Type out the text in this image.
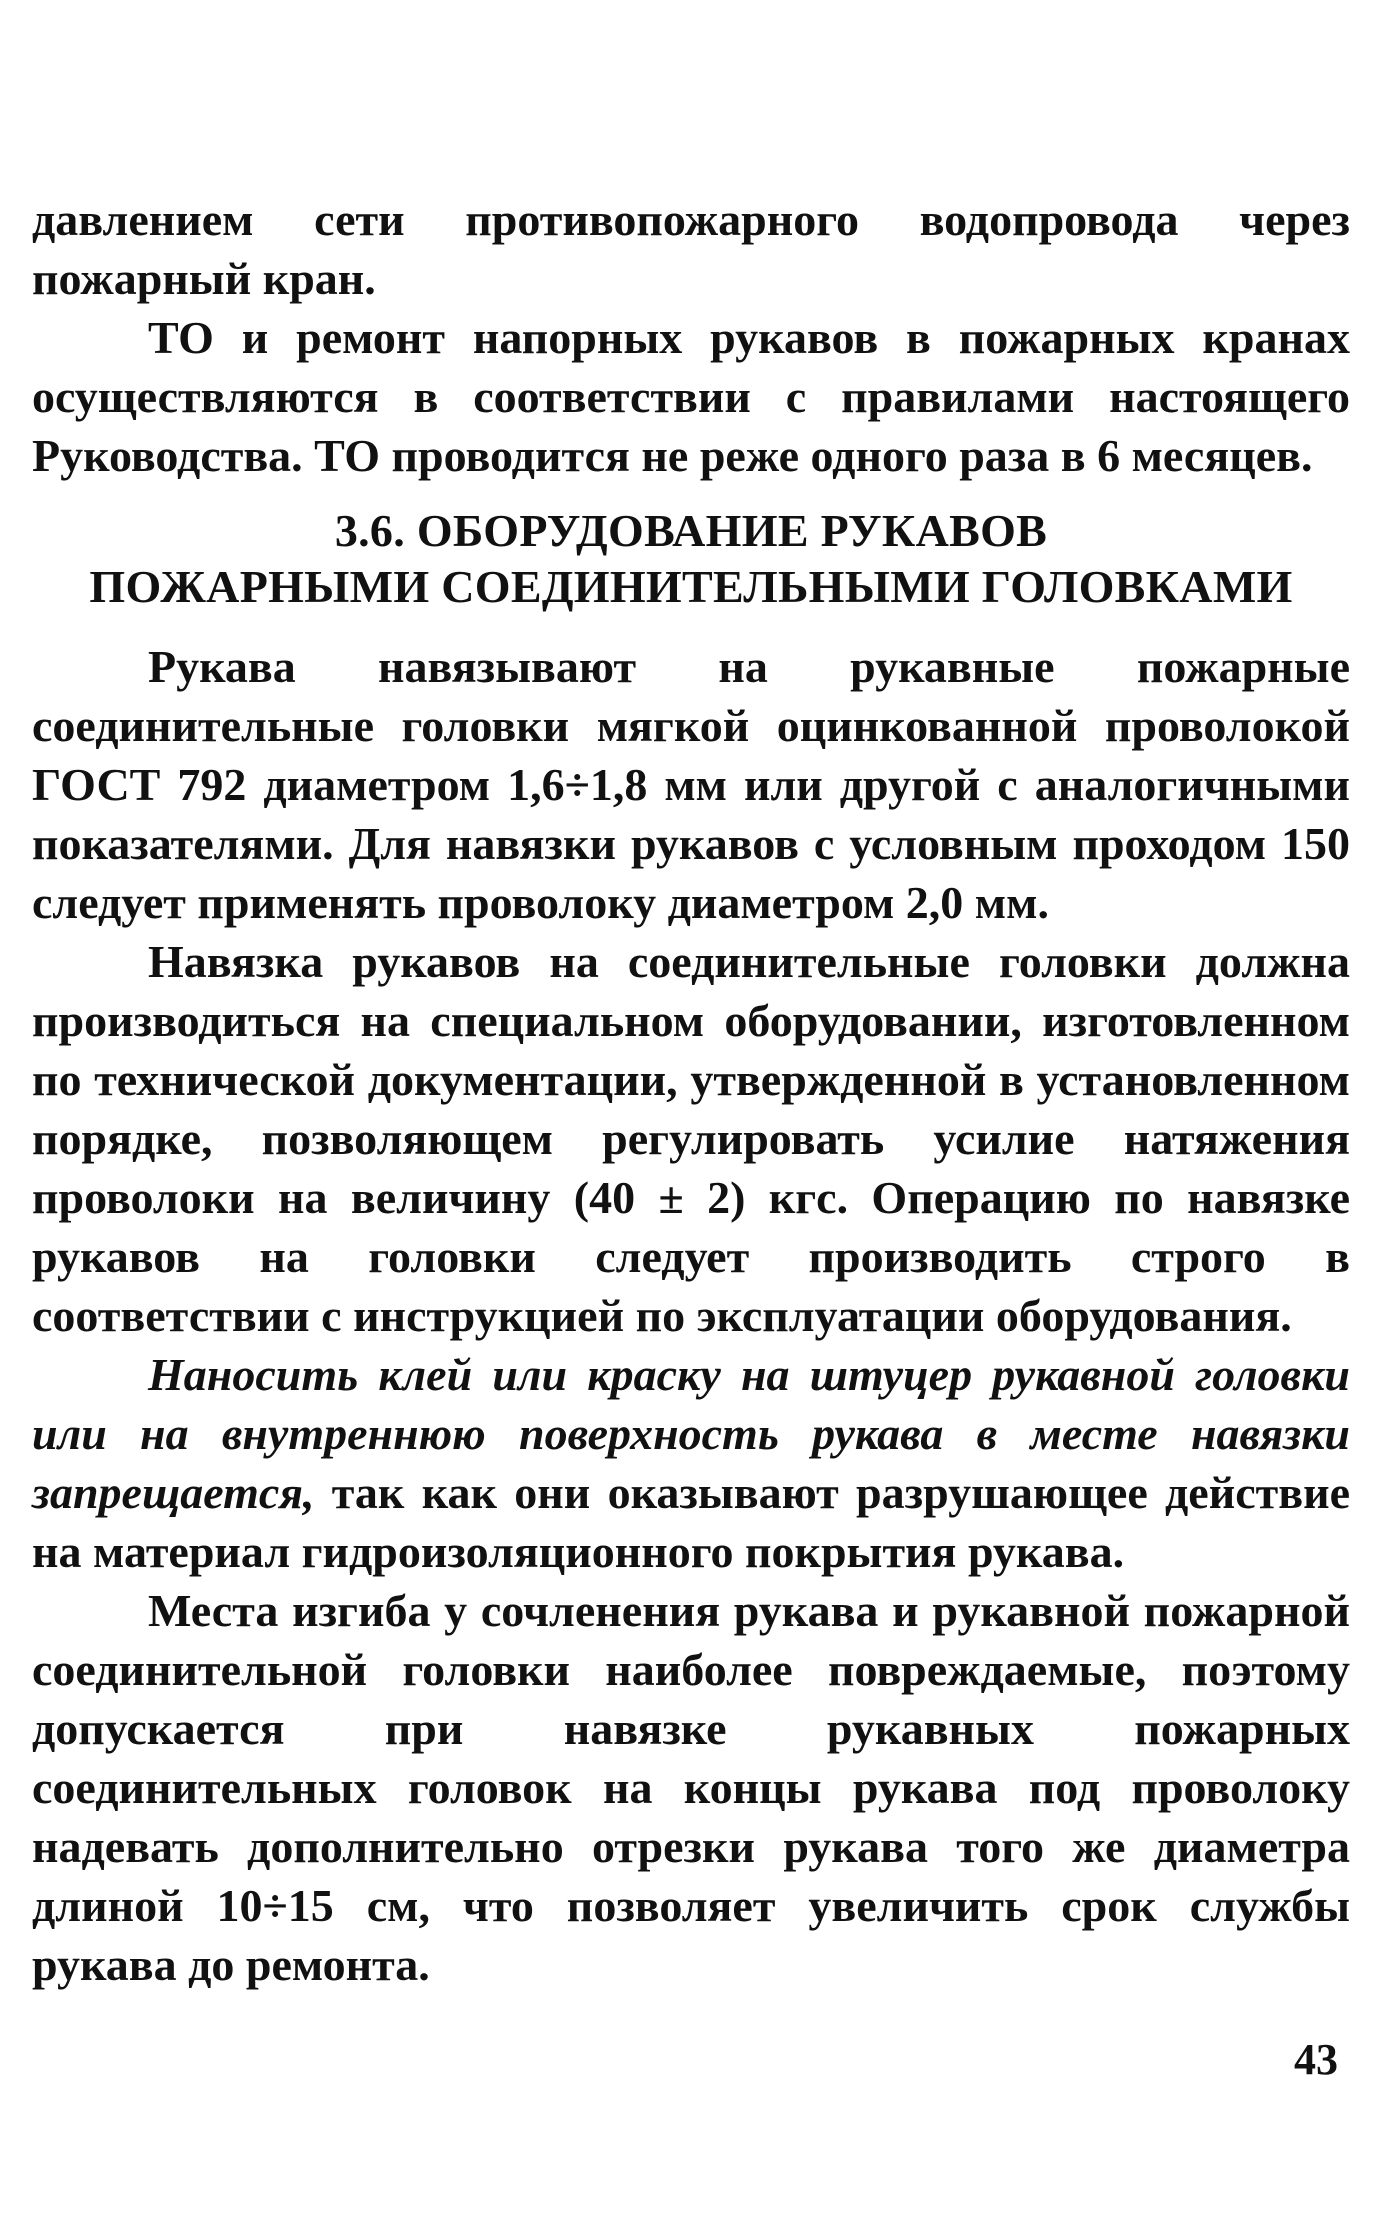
давлением сети противопожарного водопровода через пожарный кран.

ТО и ремонт напорных рукавов в пожарных кранах осуществляются в соответствии с правилами настоящего Руководства. ТО проводится не реже одного раза в 6 месяцев.

3.6. ОБОРУДОВАНИЕ РУКАВОВ
ПОЖАРНЫМИ СОЕДИНИТЕЛЬНЫМИ ГОЛОВКАМИ

Рукава навязывают на рукавные пожарные соединительные головки мягкой оцинкованной проволокой ГОСТ 792 диаметром 1,6÷1,8 мм или другой с аналогичными показателями. Для навязки рукавов с условным проходом 150 следует применять проволоку диаметром 2,0 мм.

Навязка рукавов на соединительные головки должна производиться на специальном оборудовании, изготовленном по технической документации, утвержденной в установленном порядке, позволяющем регулировать усилие натяжения проволоки на величину (40 ± 2) кгс. Операцию по навязке рукавов на головки следует производить строго в соответствии с инструкцией по эксплуатации оборудования.

Наносить клей или краску на штуцер рукавной головки или на внутреннюю поверхность рукава в месте навязки запрещается, так как они оказывают разрушающее действие на материал гидроизоляционного покрытия рукава.

Места изгиба у сочленения рукава и рукавной пожарной соединительной головки наиболее повреждаемые, поэтому допускается при навязке рукавных пожарных соединительных головок на концы рукава под проволоку надевать дополнительно отрезки рукава того же диаметра длиной 10÷15 см, что позволяет увеличить срок службы рукава до ремонта.

43
